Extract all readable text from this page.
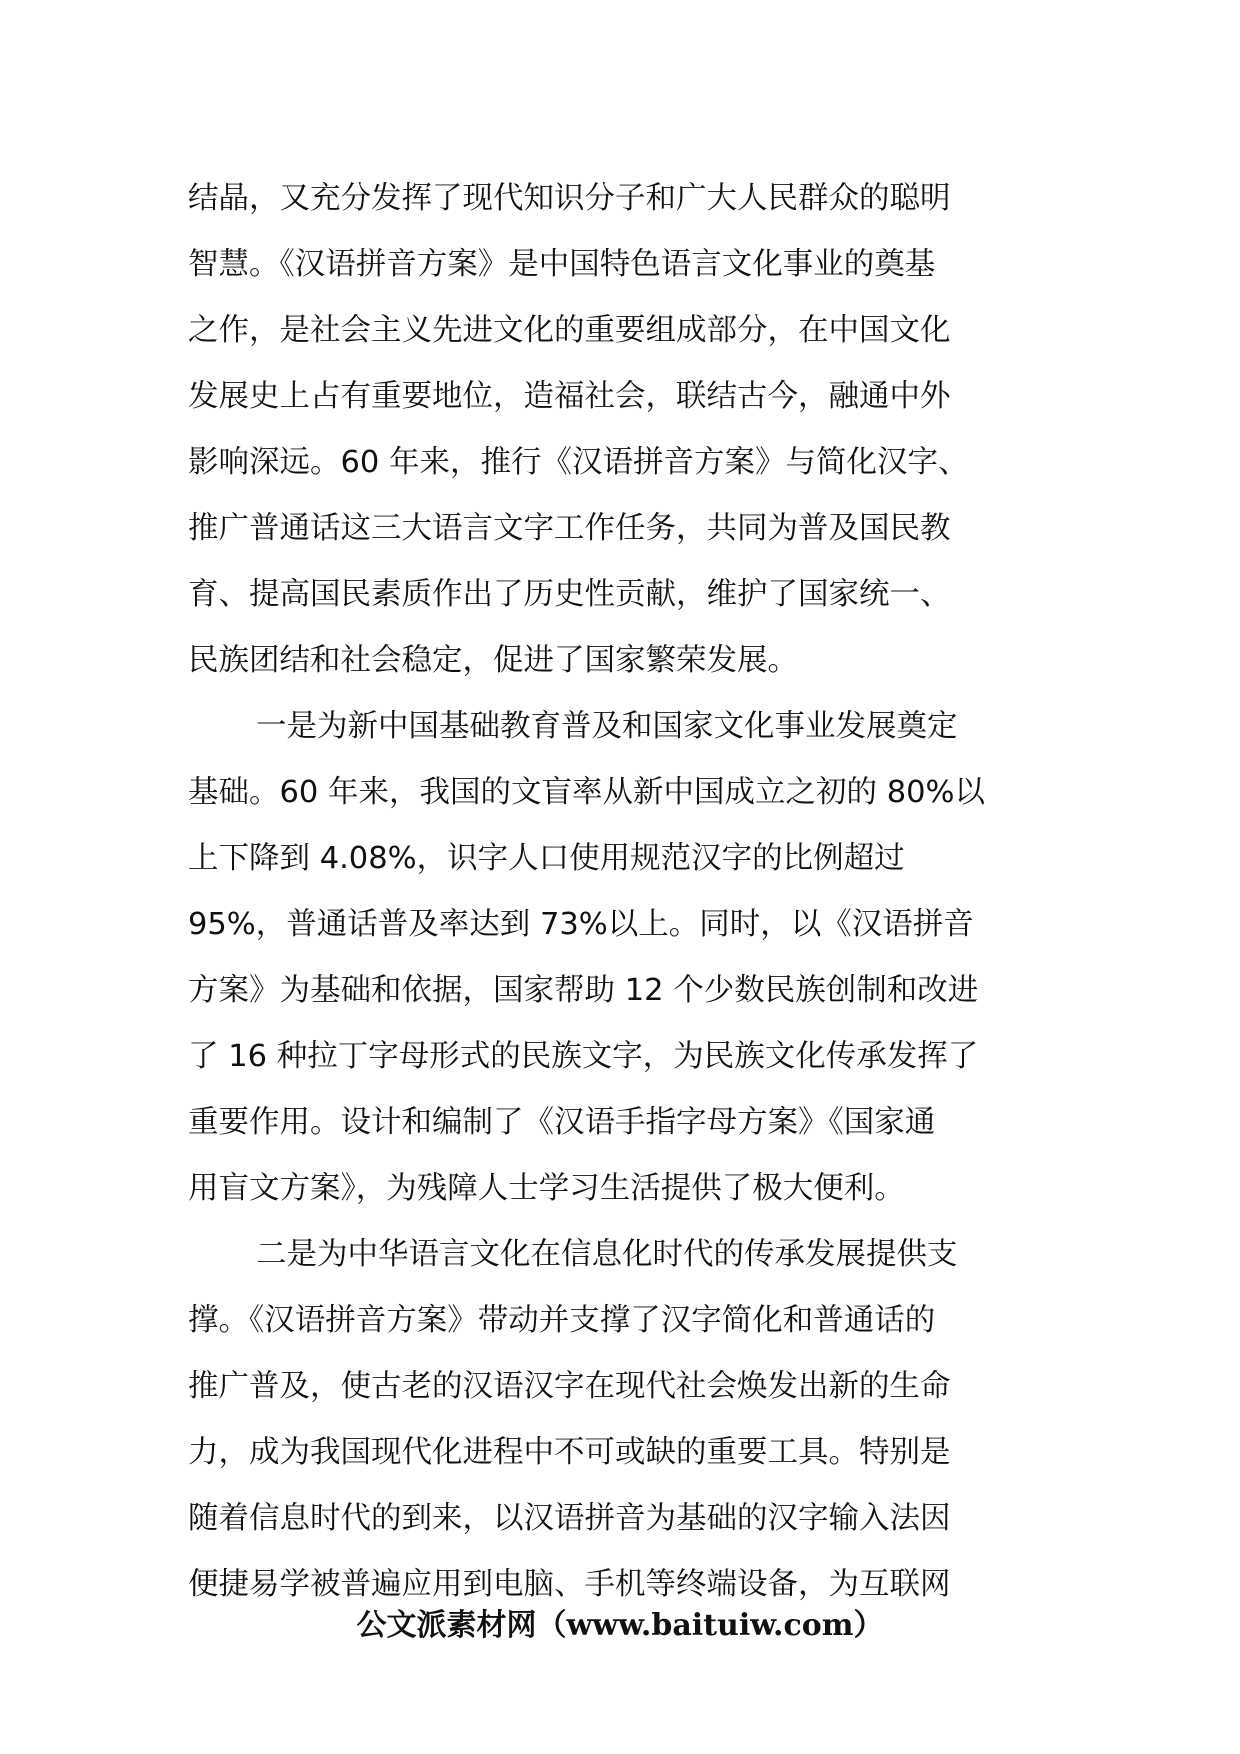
结晶，又充分发挥了现代知识分子和广大人民群众的聪明
智慧。《汉语拼音方案》是中国特色语言文化事业的奠基
之作，是社会主义先进文化的重要组成部分，在中国文化
发展史上占有重要地位，造福社会，联结古今，融通中外
影响深远。60 年来，推行《汉语拼音方案》与简化汉字、
推广普通话这三大语言文字工作任务，共同为普及国民教
育、提高国民素质作出了历史性贡献，维护了国家统一、
民族团结和社会稳定，促进了国家繁荣发展。
一是为新中国基础教育普及和国家文化事业发展奠定
基础。60 年来，我国的文盲率从新中国成立之初的 80%以
上下降到 4.08%，识字人口使用规范汉字的比例超过
95%，普通话普及率达到 73%以上。同时，以《汉语拼音
方案》为基础和依据，国家帮助 12 个少数民族创制和改进
了 16 种拉丁字母形式的民族文字，为民族文化传承发挥了
重要作用。设计和编制了《汉语手指字母方案》《国家通
用盲文方案》，为残障人士学习生活提供了极大便利。
二是为中华语言文化在信息化时代的传承发展提供支
撑。《汉语拼音方案》带动并支撑了汉字简化和普通话的
推广普及，使古老的汉语汉字在现代社会焕发出新的生命
力，成为我国现代化进程中不可或缺的重要工具。特别是
随着信息时代的到来，以汉语拼音为基础的汉字输入法因
便捷易学被普遍应用到电脑、手机等终端设备，为互联网
公文派素材网（www.baituiw.com）
